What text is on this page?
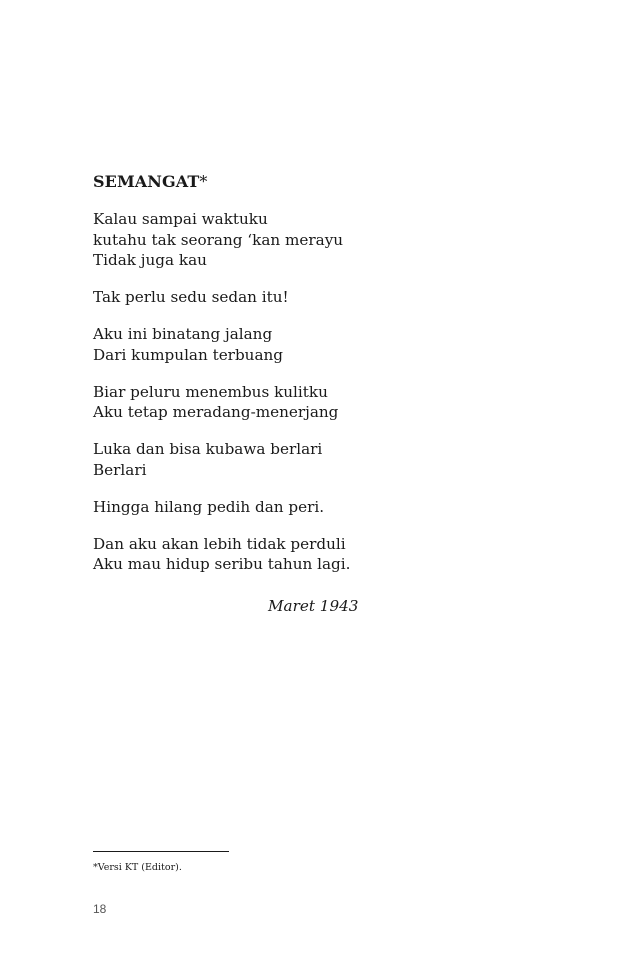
SEMANGAT*
Kalau sampai waktuku
kutahu tak seorang ‘kan merayu
Tidak juga kau
Tak perlu sedu sedan itu!
Aku ini binatang jalang
Dari kumpulan terbuang
Biar peluru menembus kulitku
Aku tetap meradang-menerjang
Luka dan bisa kubawa berlari
Berlari
Hingga hilang pedih dan peri.
Dan aku akan lebih tidak perduli
Aku mau hidup seribu tahun lagi.
Maret 1943
*Versi KT (Editor).
18
